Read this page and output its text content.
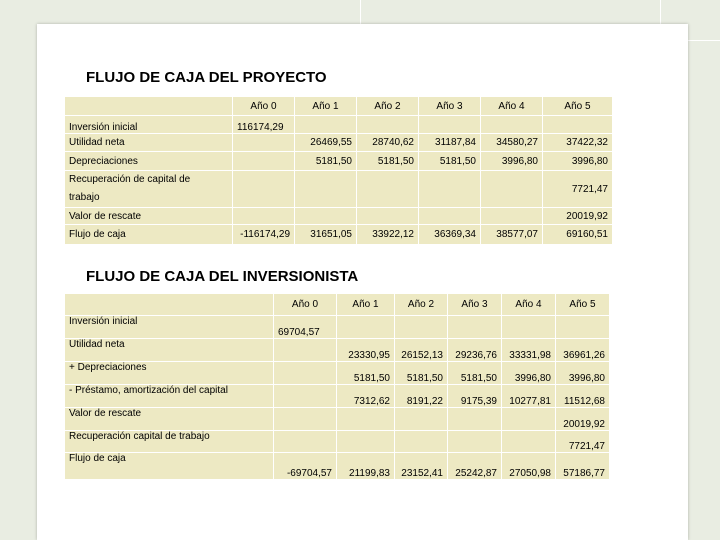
FLUJO DE CAJA DEL PROYECTO
	Año 0	Año 1	Año 2	Año 3	Año 4	Año 5
Inversión inicial	116174,29					
Utilidad neta		26469,55	28740,62	31187,84	34580,27	37422,32
Depreciaciones		5181,50	5181,50	5181,50	3996,80	3996,80

Recuperación de capital de
trabajo						7721,47
Valor de rescate						20019,92
Flujo de caja	-116174,29	31651,05	33922,12	36369,34	38577,07	69160,51
FLUJO DE CAJA DEL INVERSIONISTA
	Año 0	Año 1	Año 2	Año 3	Año 4	Año 5
Inversión inicial	69704,57					
Utilidad neta		23330,95	26152,13	29236,76	33331,98	36961,26
+ Depreciaciones		5181,50	5181,50	5181,50	3996,80	3996,80
- Préstamo, amortización del capital		7312,62	8191,22	9175,39	10277,81	11512,68
Valor de rescate						20019,92
Recuperación capital de trabajo						7721,47
Flujo de caja	-69704,57	21199,83	23152,41	25242,87	27050,98	57186,77
